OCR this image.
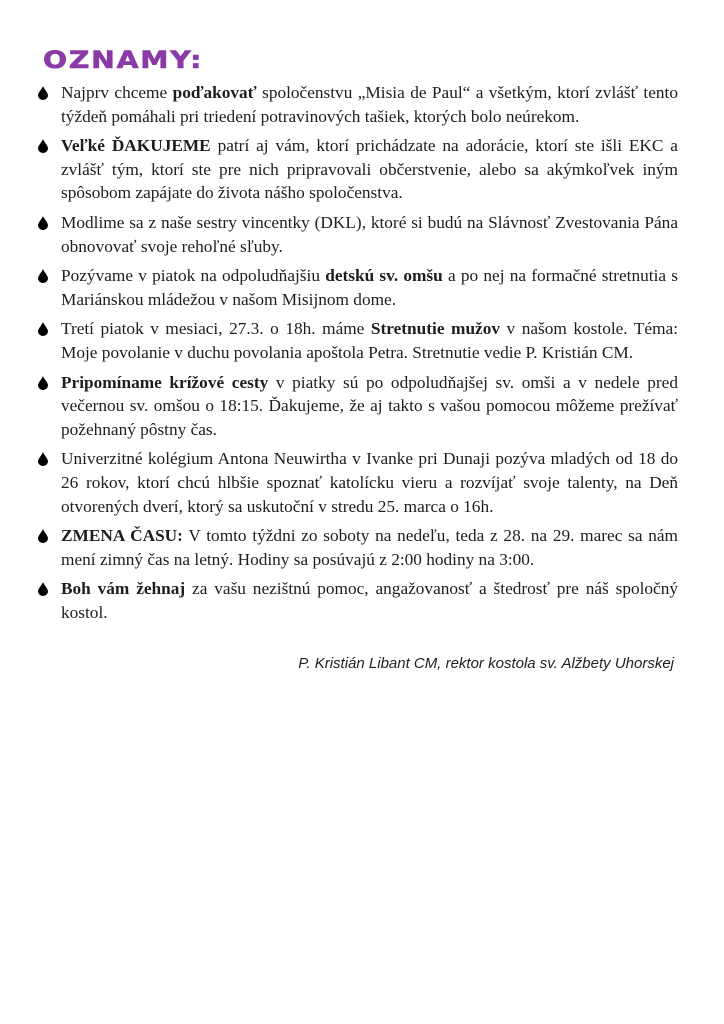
OZNAMY:
Najprv chceme poďakovať spoločenstvu „Misia de Paul“ a všetkým, ktorí zvlášť tento týždeň pomáhali pri triedení potravinových tašiek, ktorých bolo neúrekom.
Veľké ĎAKUJEME patrí aj vám, ktorí prichádzate na adorácie, ktorí ste išli EKC a zvlášť tým, ktorí ste pre nich pripravovali občerstvenie, alebo sa akýmkoľvek iným spôsobom zapájate do života nášho spoločenstva.
Modlime sa z naše sestry vincentky (DKL), ktoré si budú na Slávnosť Zvestovania Pána obnovovať svoje rehoľné sľuby.
Pozývame v piatok na odpoludňajšiu detskú sv. omšu a po nej na formačné stretnutia s Mariánskou mládežou v našom Misijnom dome.
Tretí piatok v mesiaci, 27.3. o 18h. máme Stretnutie mužov v našom kostole. Téma: Moje povolanie v duchu povolania apoštola Petra. Stretnutie vedie P. Kristián CM.
Pripomíname krížové cesty v piatky sú po odpoludňajšej sv. omši a v nedele pred večernou sv. omšou o 18:15. Ďakujeme, že aj takto s vašou pomocou môžeme prežívať požehnaný pôstny čas.
Univerzitné kolégium Antona Neuwirtha v Ivanke pri Dunaji pozýva mladých od 18 do 26 rokov, ktorí chcú hlbšie spoznať katolícku vieru a rozvíjať svoje talenty, na Deň otvorených dverí, ktorý sa uskutoční v stredu 25. marca o 16h.
ZMENA ČASU: V tomto týždni zo soboty na nedeľu, teda z 28. na 29. marec sa nám mení zimný čas na letný. Hodiny sa posúvajú z 2:00 hodiny na 3:00.
Boh vám žehnaj za vašu nezištnú pomoc, angažovanosť a štedrosť pre náš spoločný kostol.
P. Kristián Libant CM, rektor kostola sv. Alžbety Uhorskej
